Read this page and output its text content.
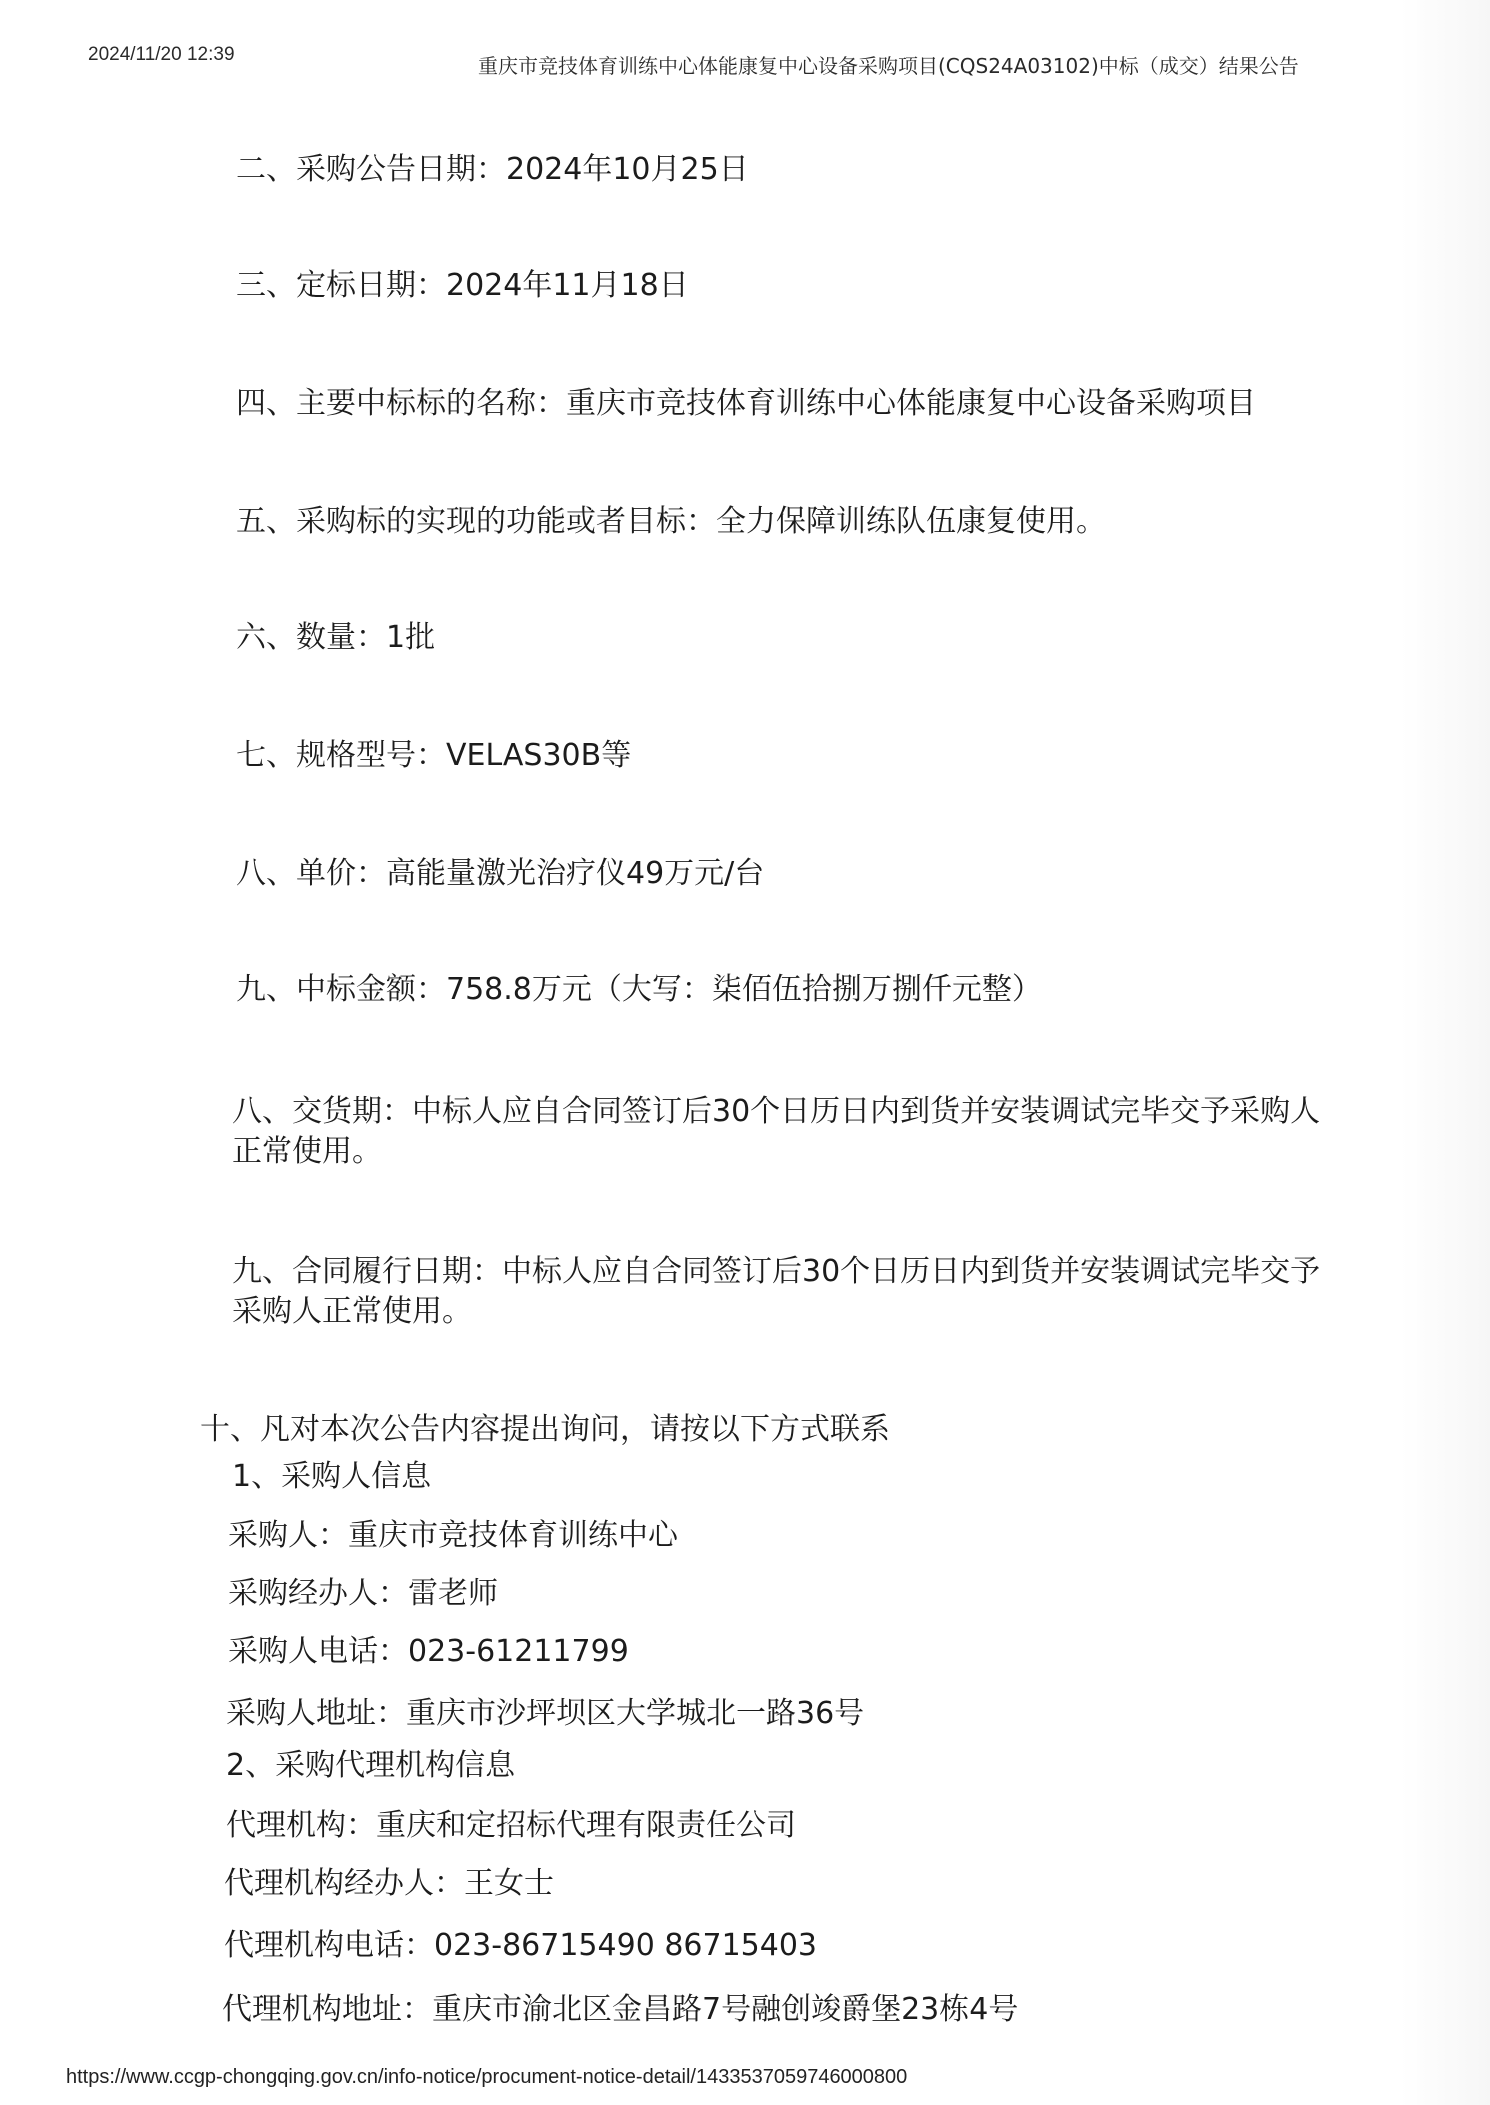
2024/11/20 12:39	重庆市竞技体育训练中心体能康复中心设备采购项目(CQS24A03102)中标（成交）结果公告
二、采购公告日期：2024年10月25日
三、定标日期：2024年11月18日
四、主要中标标的名称：重庆市竞技体育训练中心体能康复中心设备采购项目
五、采购标的实现的功能或者目标：全力保障训练队伍康复使用。
六、数量：1批
七、规格型号：VELAS30B等
八、单价：高能量激光治疗仪49万元/台
九、中标金额：758.8万元（大写：柒佰伍拾捌万捌仟元整）
八、交货期：中标人应自合同签订后30个日历日内到货并安装调试完毕交予采购人正常使用。
九、合同履行日期：中标人应自合同签订后30个日历日内到货并安装调试完毕交予采购人正常使用。
十、凡对本次公告内容提出询问，请按以下方式联系
1、采购人信息
采购人：重庆市竞技体育训练中心
采购经办人：雷老师
采购人电话：023-61211799
采购人地址：重庆市沙坪坝区大学城北一路36号
2、采购代理机构信息
代理机构：重庆和定招标代理有限责任公司
代理机构经办人：王女士
代理机构电话：023-86715490 86715403
代理机构地址：重庆市渝北区金昌路7号融创竣爵堡23栋4号
https://www.ccgp-chongqing.gov.cn/info-notice/procument-notice-detail/1433537059746000800
